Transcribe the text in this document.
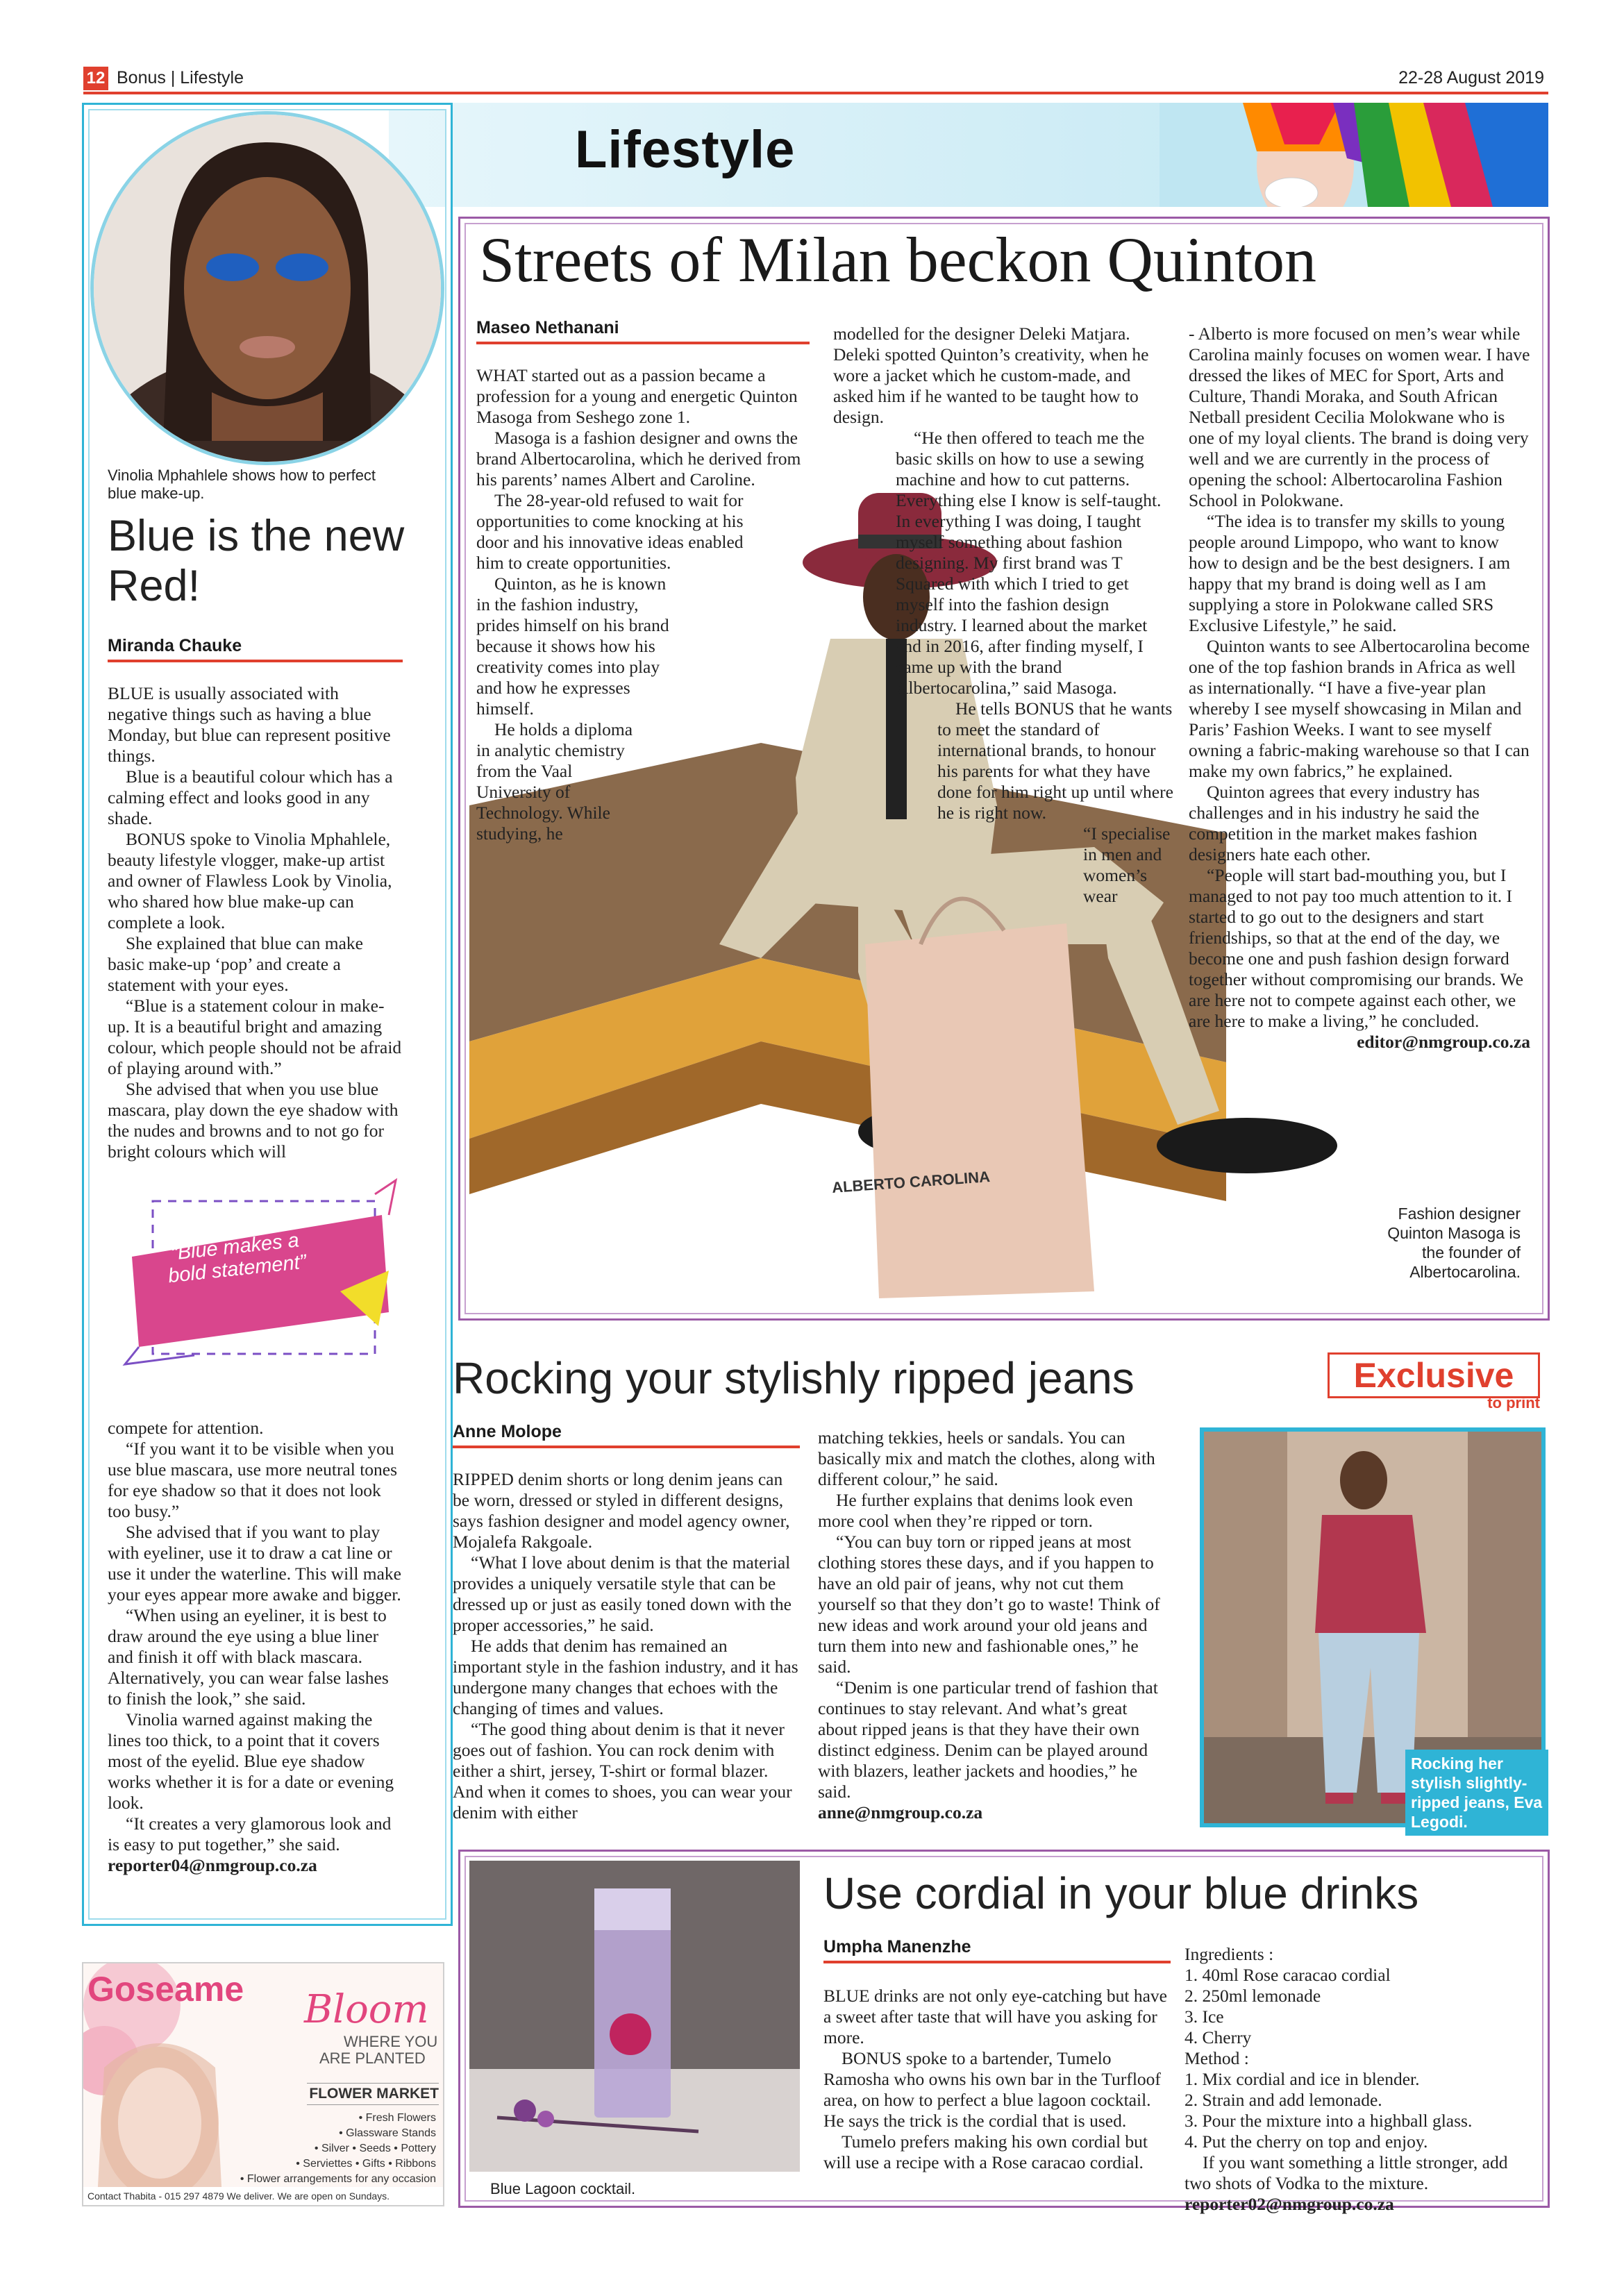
12 Bonus | Lifestyle	22-28 August 2019
Lifestyle
Vinolia Mphahlele shows how to perfect blue make-up.
Blue is the new Red!
Miranda Chauke

BLUE is usually associated with negative things such as having a blue Monday, but blue can represent positive things.

Blue is a beautiful colour which has a calming effect and looks good in any shade.

BONUS spoke to Vinolia Mphahlele, beauty lifestyle vlogger, make-up artist and owner of Flawless Look by Vinolia, who shared how blue make-up can complete a look.

She explained that blue can make basic make-up ‘pop’ and create a statement with your eyes.

“Blue is a statement colour in make-up. It is a beautiful bright and amazing colour, which people should not be afraid of playing around with.”

She advised that when you use blue mascara, play down the eye shadow with the nudes and browns and to not go for bright colours which will

“Blue makes a bold statement”

compete for attention.

“If you want it to be visible when you use blue mascara, use more neutral tones for eye shadow so that it does not look too busy.”

She advised that if you want to play with eyeliner, use it to draw a cat line or use it under the waterline. This will make your eyes appear more awake and bigger.

“When using an eyeliner, it is best to draw around the eye using a blue liner and finish it off with black mascara. Alternatively, you can wear false lashes to finish the look,” she said.

Vinolia warned against making the lines too thick, to a point that it covers most of the eyelid. Blue eye shadow works whether it is for a date or evening look.

“It creates a very glamorous look and is easy to put together,” she said.

reporter04@nmgroup.co.za

Goseame Bloom
WHERE YOU
ARE PLANTED
FLOWER MARKET
• Fresh Flowers
• Glassware Stands
• Silver • Seeds • Pottery
• Serviettes • Gifts • Ribbons
• Flower arrangements for any occasion
Contact Thabita - 015 297 4879 We deliver. We are open on Sundays.
ALBERTO CAROLINA
Streets of Milan beckon Quinton
Maseo Nethanani

WHAT started out as a passion became a profession for a young and energetic Quinton Masoga from Seshego zone 1.

Masoga is a fashion designer and owns the brand Albertocarolina, which he derived from his parents’ names Albert and Caroline.

The 28-year-old refused to wait for opportunities to come knocking at his door and his innovative ideas enabled him to create opportunities.

Quinton, as he is known in the fashion industry, prides himself on his brand because it shows how his creativity comes into play and how he expresses himself.

He holds a diploma in analytic chemistry from the Vaal University of Technology. While studying, he

modelled for the designer Deleki Matjara. Deleki spotted Quinton’s creativity, when he wore a jacket which he custom-made, and asked him if he wanted to be taught how to design.

“He then offered to teach me the basic skills on how to use a sewing machine and how to cut patterns. Everything else I know is self-taught. In everything I was doing, I taught myself something about fashion designing. My first brand was T Squared with which I tried to get myself into the fashion design industry. I learned about the market and in 2016, after finding myself, I came up with the brand Albertocarolina,” said Masoga.

He tells BONUS that he wants to meet the standard of international brands, to honour his parents for what they have done for him right up until where he is right now.

“I specialise in men and women’s wear

- Alberto is more focused on men’s wear while Carolina mainly focuses on women wear. I have dressed the likes of MEC for Sport, Arts and Culture, Thandi Moraka, and South African Netball president Cecilia Molokwane who is one of my loyal clients. The brand is doing very well and we are currently in the process of opening the school: Albertocarolina Fashion School in Polokwane.

“The idea is to transfer my skills to young people around Limpopo, who want to know how to design and be the best designers. I am happy that my brand is doing well as I am supplying a store in Polokwane called SRS Exclusive Lifestyle,” he said.

Quinton wants to see Albertocarolina become one of the top fashion brands in Africa as well as internationally. “I have a five-year plan whereby I see myself showcasing in Milan and Paris’ Fashion Weeks. I want to see myself owning a fabric-making warehouse so that I can make my own fabrics,” he explained.

Quinton agrees that every industry has challenges and in his industry he said the competition in the market makes fashion designers hate each other.

“People will start bad-mouthing you, but I managed to not pay too much attention to it. I started to go out to the designers and start friendships, so that at the end of the day, we become one and push fashion design forward together without compromising our brands. We are here not to compete against each other, we are here to make a living,” he concluded.

editor@nmgroup.co.za

Fashion designer Quinton Masoga is the founder of Albertocarolina.
Rocking your stylishly ripped jeans	Exclusive
to print
Anne Molope

RIPPED denim shorts or long denim jeans can be worn, dressed or styled in different designs, says fashion designer and model agency owner, Mojalefa Rakgoale.

“What I love about denim is that the material provides a uniquely versatile style that can be dressed up or just as easily toned down with the proper accessories,” he said.

He adds that denim has remained an important style in the fashion industry, and it has undergone many changes that echoes with the changing of times and values.

“The good thing about denim is that it never goes out of fashion. You can rock denim with either a shirt, jersey, T-shirt or formal blazer. And when it comes to shoes, you can wear your denim with either

matching tekkies, heels or sandals. You can basically mix and match the clothes, along with different colour,” he said.

He further explains that denims look even more cool when they’re ripped or torn.

“You can buy torn or ripped jeans at most clothing stores these days, and if you happen to have an old pair of jeans, why not cut them yourself so that they don’t go to waste! Think of new ideas and work around your old jeans and turn them into new and fashionable ones,” he said.

“Denim is one particular trend of fashion that continues to stay relevant. And what’s great about ripped jeans is that they have their own distinct edginess. Denim can be played around with blazers, leather jackets and hoodies,” he said.

anne@nmgroup.co.za

Rocking her stylish slightly-ripped jeans, Eva Legodi.
Blue Lagoon cocktail.
Use cordial in your blue drinks
Umpha Manenzhe

BLUE drinks are not only eye-catching but have a sweet after taste that will have you asking for more.

BONUS spoke to a bartender, Tumelo Ramosha who owns his own bar in the Turfloof area, on how to perfect a blue lagoon cocktail. He says the trick is the cordial that is used.

Tumelo prefers making his own cordial but will use a recipe with a Rose caracao cordial.

Ingredients :
1. 40ml Rose caracao cordial
2. 250ml lemonade
3. Ice
4. Cherry
Method :
1. Mix cordial and ice in blender.
2. Strain and add lemonade.
3. Pour the mixture into a highball glass.
4. Put the cherry on top and enjoy.

If you want something a little stronger, add two shots of Vodka to the mixture.

reporter02@nmgroup.co.za
